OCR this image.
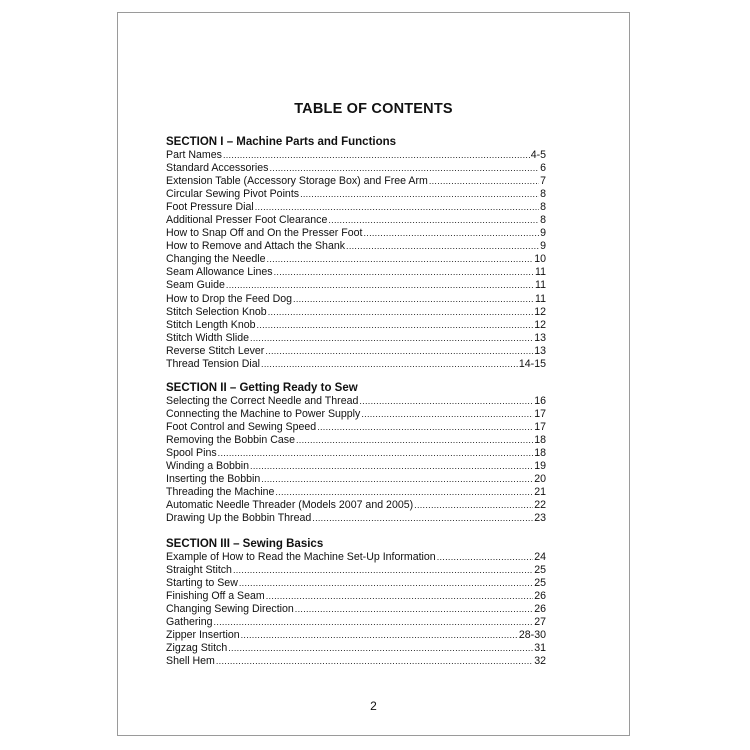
TABLE OF CONTENTS
SECTION I – Machine Parts and Functions
Part Names .....	4-5
Standard Accessories .....	6
Extension Table (Accessory Storage Box) and Free Arm .....	7
Circular Sewing Pivot Points .....	8
Foot Pressure Dial .....	8
Additional Presser Foot Clearance .....	8
How to Snap Off and On the Presser Foot .....	9
How to Remove and Attach the Shank .....	9
Changing the Needle .....	10
Seam Allowance Lines .....	11
Seam Guide .....	11
How to Drop the Feed Dog .....	11
Stitch Selection Knob .....	12
Stitch Length Knob .....	12
Stitch Width Slide .....	13
Reverse Stitch Lever .....	13
Thread Tension Dial .....	14-15
SECTION II – Getting Ready to Sew
Selecting the Correct Needle and Thread .....	16
Connecting the Machine to Power Supply .....	17
Foot Control and Sewing Speed .....	17
Removing the Bobbin Case .....	18
Spool Pins .....	18
Winding a Bobbin .....	19
Inserting the Bobbin .....	20
Threading the Machine .....	21
Automatic Needle Threader (Models 2007 and 2005) .....	22
Drawing Up the Bobbin Thread .....	23
SECTION III – Sewing Basics
Example of How to Read the Machine Set-Up Information .....	24
Straight Stitch .....	25
Starting to Sew .....	25
Finishing Off a Seam .....	26
Changing Sewing Direction .....	26
Gathering .....	27
Zipper Insertion .....	28-30
Zigzag Stitch .....	31
Shell Hem .....	32
2
